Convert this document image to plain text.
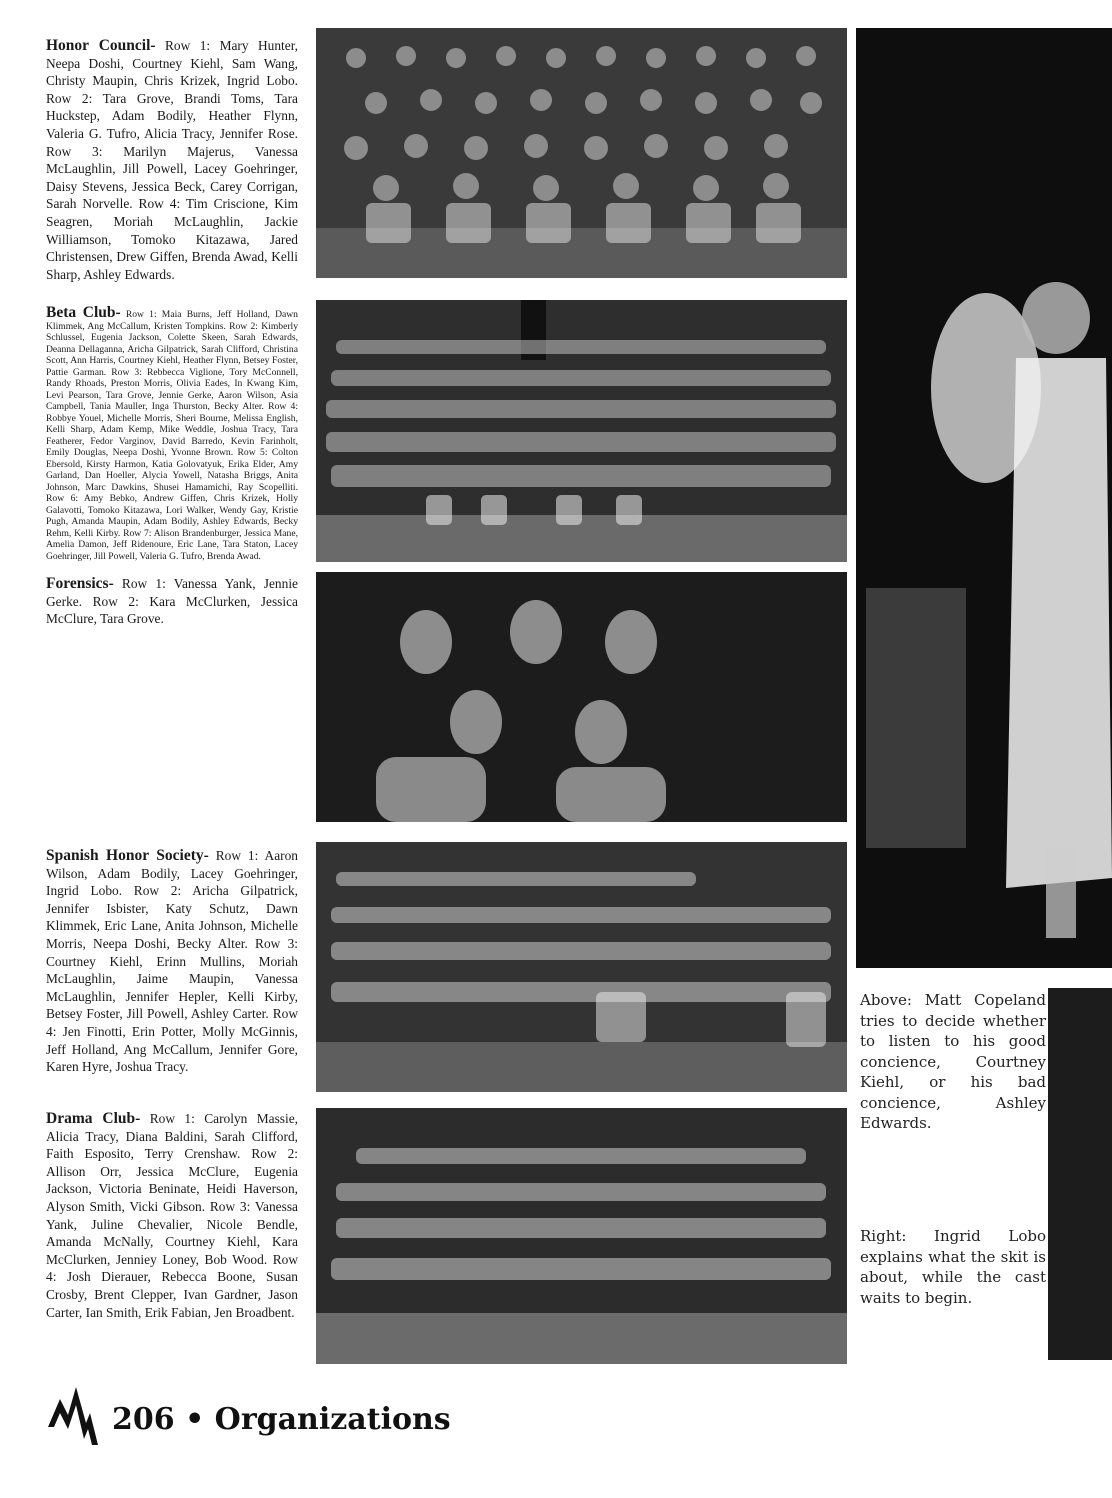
Honor Council- Row 1: Mary Hunter, Neepa Doshi, Courtney Kiehl, Sam Wang, Christy Maupin, Chris Krizek, Ingrid Lobo. Row 2: Tara Grove, Brandi Toms, Tara Huckstep, Adam Bodily, Heather Flynn, Valeria G. Tufro, Alicia Tracy, Jennifer Rose. Row 3: Marilyn Majerus, Vanessa McLaughlin, Jill Powell, Lacey Goehringer, Daisy Stevens, Jessica Beck, Carey Corrigan, Sarah Norvelle. Row 4: Tim Criscione, Kim Seagren, Moriah McLaughlin, Jackie Williamson, Tomoko Kitazawa, Jared Christensen, Drew Giffen, Brenda Awad, Kelli Sharp, Ashley Edwards.

Beta Club- Row 1: Maia Burns, Jeff Holland, Dawn Klimmek, Ang McCallum, Kristen Tompkins. Row 2: Kimberly Schlussel, Eugenia Jackson, Colette Skeen, Sarah Edwards, Deanna Dellaganna, Aricha Gilpatrick, Sarah Clifford, Christina Scott, Ann Harris, Courtney Kiehl, Heather Flynn, Betsey Foster, Pattie Garman. Row 3: Rebbecca Viglione, Tory McConnell, Randy Rhoads, Preston Morris, Olivia Eades, In Kwang Kim, Levi Pearson, Tara Grove, Jennie Gerke, Aaron Wilson, Asia Campbell, Tania Mauller, Inga Thurston, Becky Alter. Row 4: Robbye Youel, Michelle Morris, Sheri Bourne, Melissa English, Kelli Sharp, Adam Kemp, Mike Weddle, Joshua Tracy, Tara Featherer, Fedor Varginov, David Barredo, Kevin Farinholt, Emily Douglas, Neepa Doshi, Yvonne Brown. Row 5: Colton Ebersold, Kirsty Harmon, Katia Golovatyuk, Erika Elder, Amy Garland, Dan Hoeller, Alycia Yowell, Natasha Briggs, Anita Johnson, Marc Dawkins, Shusei Hamamichi, Ray Scopelliti. Row 6: Amy Bebko, Andrew Giffen, Chris Krizek, Holly Galavotti, Tomoko Kitazawa, Lori Walker, Wendy Gay, Kristie Pugh, Amanda Maupin, Adam Bodily, Ashley Edwards, Becky Rehm, Kelli Kirby. Row 7: Alison Brandenburger, Jessica Mane, Amelia Damon, Jeff Ridenoure, Eric Lane, Tara Staton, Lacey Goehringer, Jill Powell, Valeria G. Tufro, Brenda Awad.

Forensics- Row 1: Vanessa Yank, Jennie Gerke. Row 2: Kara McClurken, Jessica McClure, Tara Grove.

Spanish Honor Society- Row 1: Aaron Wilson, Adam Bodily, Lacey Goehringer, Ingrid Lobo. Row 2: Aricha Gilpatrick, Jennifer Isbister, Katy Schutz, Dawn Klimmek, Eric Lane, Anita Johnson, Michelle Morris, Neepa Doshi, Becky Alter. Row 3: Courtney Kiehl, Erinn Mullins, Moriah McLaughlin, Jaime Maupin, Vanessa McLaughlin, Jennifer Hepler, Kelli Kirby, Betsey Foster, Jill Powell, Ashley Carter. Row 4: Jen Finotti, Erin Potter, Molly McGinnis, Jeff Holland, Ang McCallum, Jennifer Gore, Karen Hyre, Joshua Tracy.

Drama Club- Row 1: Carolyn Massie, Alicia Tracy, Diana Baldini, Sarah Clifford, Faith Esposito, Terry Crenshaw. Row 2: Allison Orr, Jessica McClure, Eugenia Jackson, Victoria Beninate, Heidi Haverson, Alyson Smith, Vicki Gibson. Row 3: Vanessa Yank, Juline Chevalier, Nicole Bendle, Amanda McNally, Courtney Kiehl, Kara McClurken, Jenniey Loney, Bob Wood. Row 4: Josh Dierauer, Rebecca Boone, Susan Crosby, Brent Clepper, Ivan Gardner, Jason Carter, Ian Smith, Erik Fabian, Jen Broadbent.

Above: Matt Copeland tries to decide whether to listen to his good concience, Courtney Kiehl, or his bad concience, Ashley Edwards.

Right: Ingrid Lobo explains what the skit is about, while the cast waits to begin.

206 • Organizations
